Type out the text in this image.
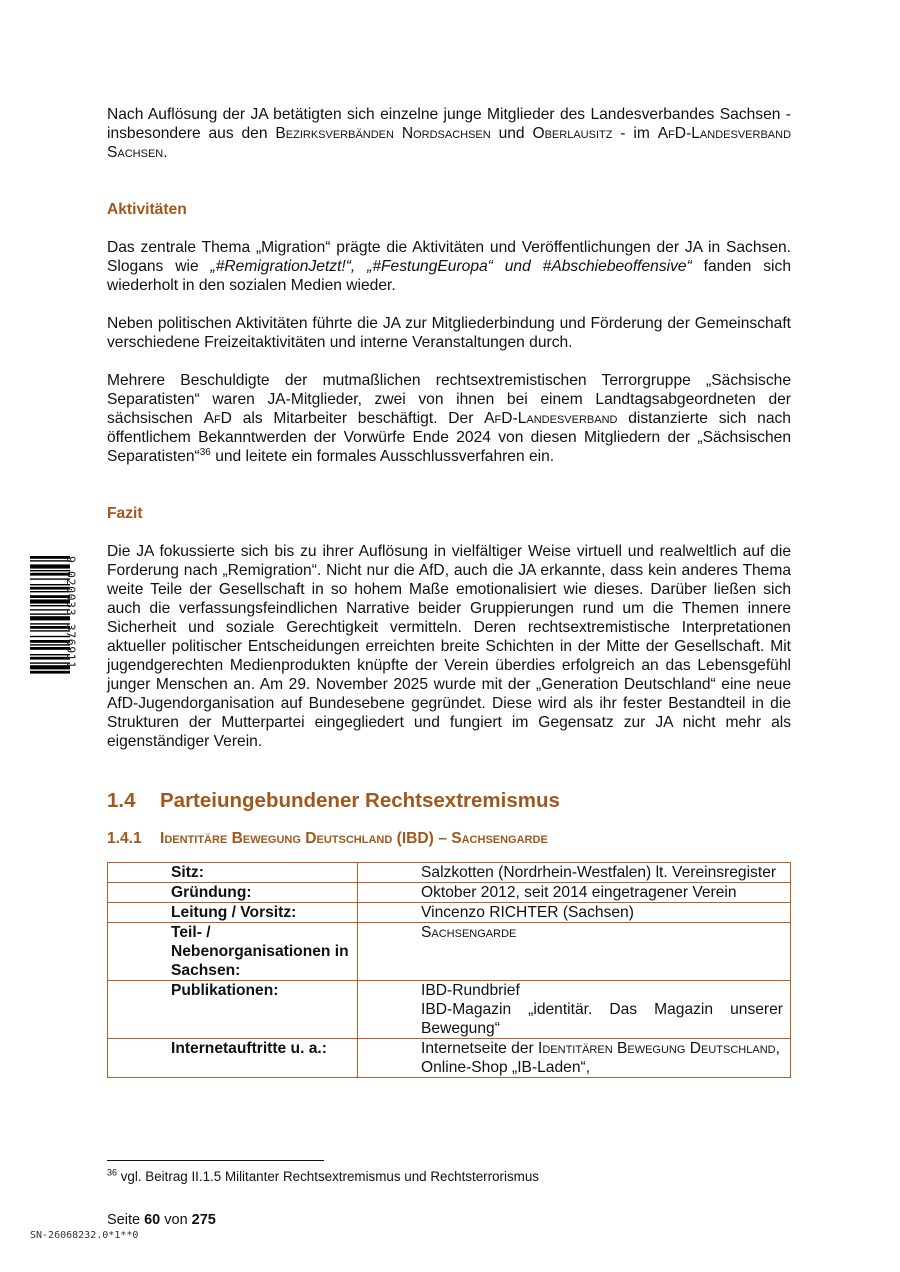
Nach Auflösung der JA betätigten sich einzelne junge Mitglieder des Landesverbandes Sachsen - insbesondere aus den Bezirksverbänden Nordsachsen und Oberlausitz - im AfD-Landesverband Sachsen.

Aktivitäten

Das zentrale Thema „Migration“ prägte die Aktivitäten und Veröffentlichungen der JA in Sachsen. Slogans wie „#RemigrationJetzt!“, „#FestungEuropa“ und #Abschiebeoffensive“ fanden sich wiederholt in den sozialen Medien wieder.

Neben politischen Aktivitäten führte die JA zur Mitgliederbindung und Förderung der Gemeinschaft verschiedene Freizeitaktivitäten und interne Veranstaltungen durch.

Mehrere Beschuldigte der mutmaßlichen rechtsextremistischen Terrorgruppe „Sächsische Separatisten“ waren JA-Mitglieder, zwei von ihnen bei einem Landtagsabgeordneten der sächsischen AfD als Mitarbeiter beschäftigt. Der AfD-Landesverband distanzierte sich nach öffentlichem Bekanntwerden der Vorwürfe Ende 2024 von diesen Mitgliedern der „Sächsischen Separatisten“$^{36}$ und leitete ein formales Ausschlussverfahren ein.

Fazit

Die JA fokussierte sich bis zu ihrer Auflösung in vielfältiger Weise virtuell und realweltlich auf die Forderung nach „Remigration“. Nicht nur die AfD, auch die JA erkannte, dass kein anderes Thema weite Teile der Gesellschaft in so hohem Maße emotionalisiert wie dieses. Darüber ließen sich auch die verfassungsfeindlichen Narrative beider Gruppierungen rund um die Themen innere Sicherheit und soziale Gerechtigkeit vermitteln. Deren rechtsextremistische Interpretationen aktueller politischer Entscheidungen erreichten breite Schichten in der Mitte der Gesellschaft. Mit jugendgerechten Medienprodukten knüpfte der Verein überdies erfolgreich an das Lebensgefühl junger Menschen an. Am 29. November 2025 wurde mit der „Generation Deutschland“ eine neue AfD-Jugendorganisation auf Bundesebene gegründet. Diese wird als ihr fester Bestandteil in die Strukturen der Mutterpartei eingegliedert und fungiert im Gegensatz zur JA nicht mehr als eigenständiger Verein.

1.4 Parteiungebundener Rechtsextremismus
1.4.1 Identitäre Bewegung Deutschland (IBD) – Sachsengarde
Sitz:	Salzkotten (Nordrhein-Westfalen) lt. Vereinsregister
Gründung:	Oktober 2012, seit 2014 eingetragener Verein
Leitung / Vorsitz:	Vincenzo RICHTER (Sachsen)
Teil- / Nebenorganisationen in Sachsen:	Sachsengarde
Publikationen:	IBD-Rundbrief
IBD-Magazin „identitär. Das Magazin unserer Bewegung“

Internetauftritte u. a.:	Internetseite der Identitären Bewegung Deutschland, Online-Shop „IB-Laden“,
$^{36}$ vgl. Beitrag II.1.5 Militanter Rechtsextremismus und Rechtsterrorismus
Seite 60 von 275
9 020033 376911
SN-26068232.0*1**0
